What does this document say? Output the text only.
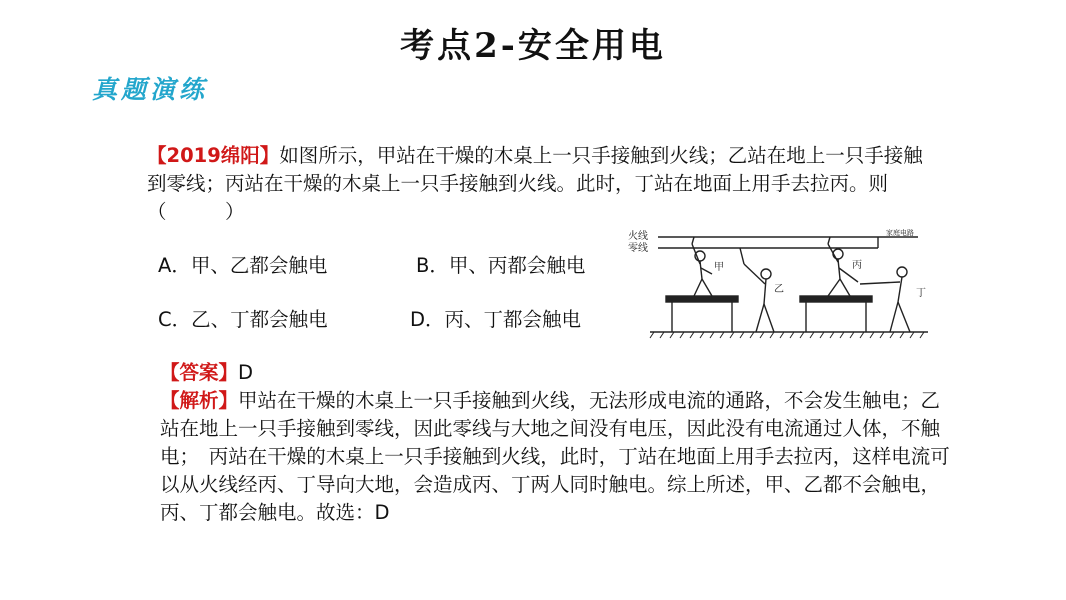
考点2-安全用电
真题演练
【2019绵阳】如图所示，甲站在干燥的木桌上一只手接触到火线；乙站在地上一只手接触到零线；丙站在干燥的木桌上一只手接触到火线。此时，丁站在地面上用手去拉丙。则（　　　）
A．甲、乙都会触电	B．甲、丙都会触电
C．乙、丁都会触电	D．丙、丁都会触电
火线
零线
家庭电路
甲
乙
丙
丁
【答案】D
【解析】甲站在干燥的木桌上一只手接触到火线，无法形成电流的通路，不会发生触电；乙站在地上一只手接触到零线，因此零线与大地之间没有电压，因此没有电流通过人体，不触电；　丙站在干燥的木桌上一只手接触到火线，此时，丁站在地面上用手去拉丙，这样电流可以从火线经丙、丁导向大地，会造成丙、丁两人同时触电。综上所述，甲、乙都不会触电，丙、丁都会触电。故选：D
